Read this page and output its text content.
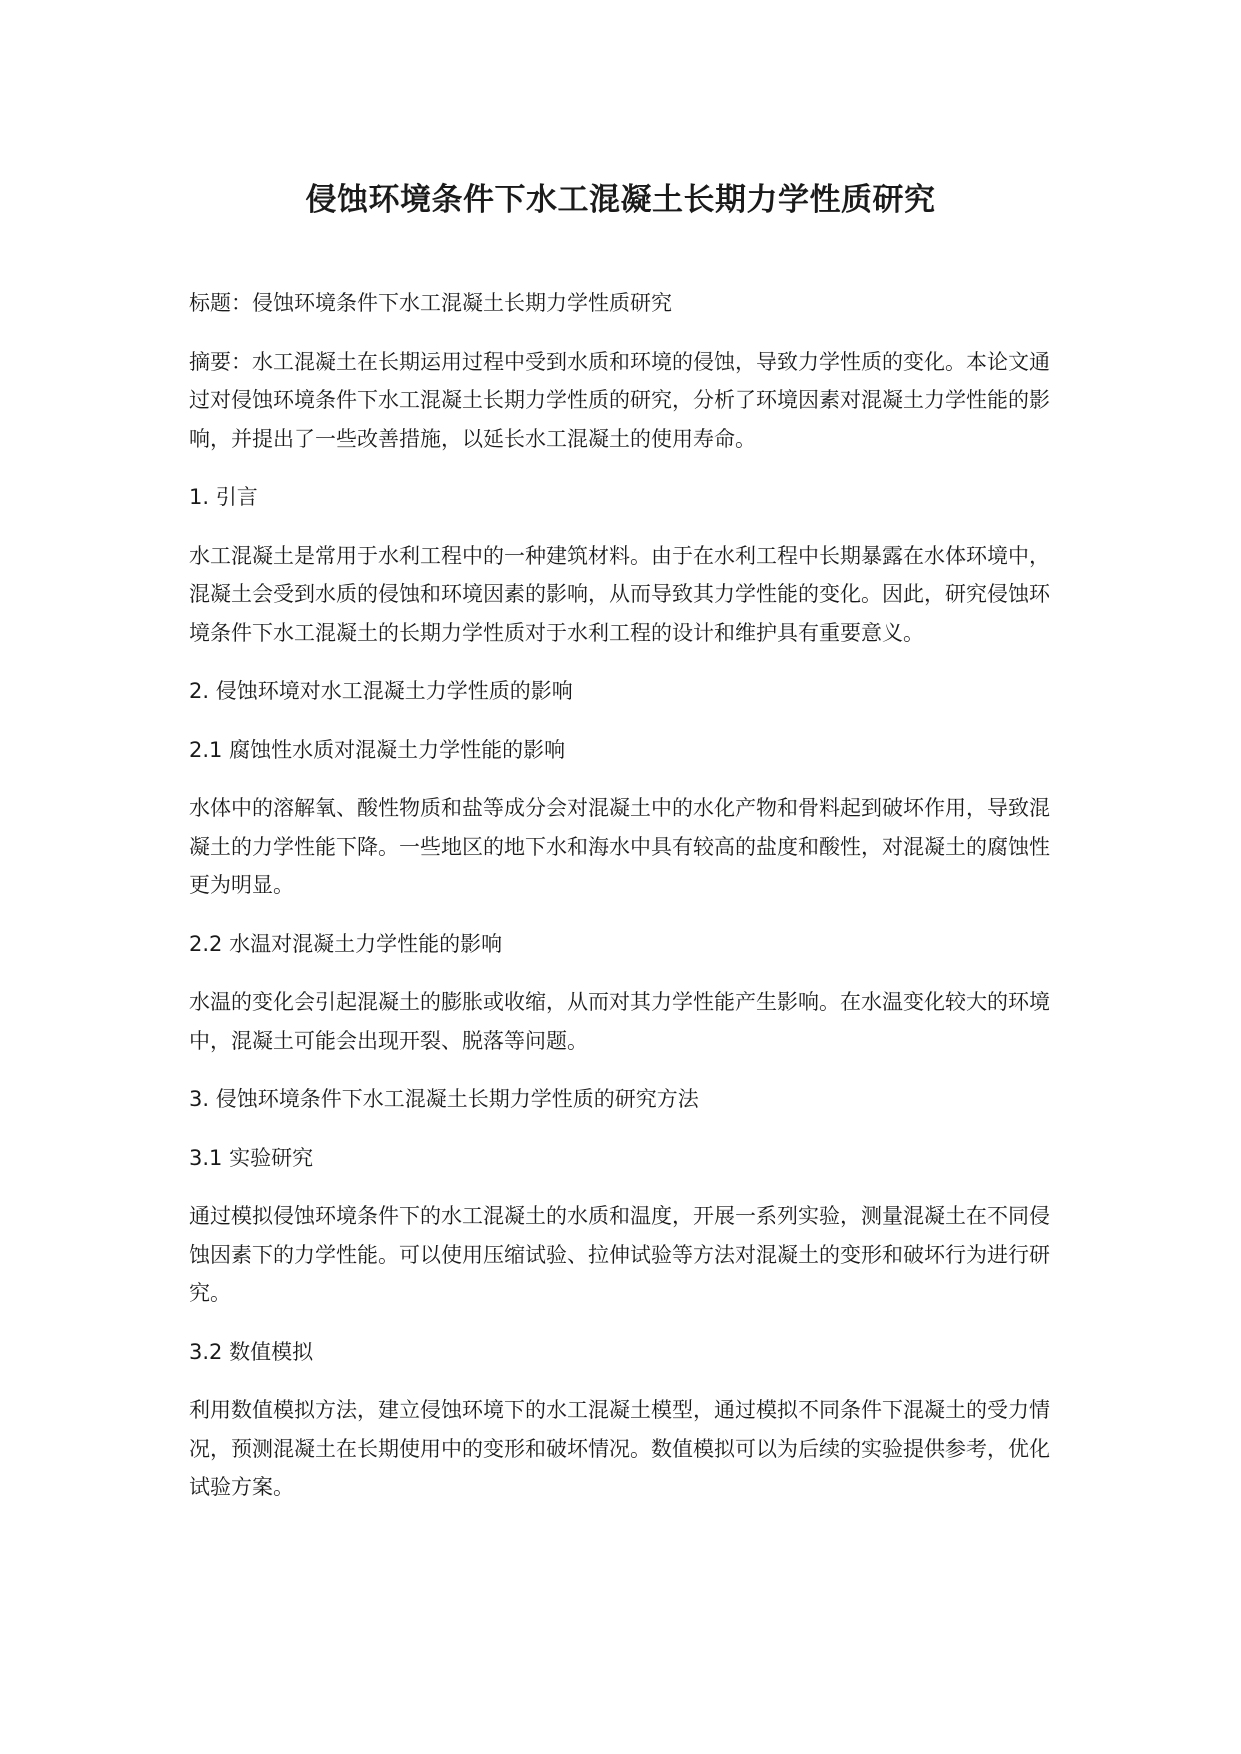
侵蚀环境条件下水工混凝土长期力学性质研究

标题：侵蚀环境条件下水工混凝土长期力学性质研究

摘要：水工混凝土在长期运用过程中受到水质和环境的侵蚀，导致力学性质的变化。本论文通过对侵蚀环境条件下水工混凝土长期力学性质的研究，分析了环境因素对混凝土力学性能的影响，并提出了一些改善措施，以延长水工混凝土的使用寿命。

1. 引言

水工混凝土是常用于水利工程中的一种建筑材料。由于在水利工程中长期暴露在水体环境中，混凝土会受到水质的侵蚀和环境因素的影响，从而导致其力学性能的变化。因此，研究侵蚀环境条件下水工混凝土的长期力学性质对于水利工程的设计和维护具有重要意义。

2. 侵蚀环境对水工混凝土力学性质的影响

2.1 腐蚀性水质对混凝土力学性能的影响

水体中的溶解氧、酸性物质和盐等成分会对混凝土中的水化产物和骨料起到破坏作用，导致混凝土的力学性能下降。一些地区的地下水和海水中具有较高的盐度和酸性，对混凝土的腐蚀性更为明显。

2.2 水温对混凝土力学性能的影响

水温的变化会引起混凝土的膨胀或收缩，从而对其力学性能产生影响。在水温变化较大的环境中，混凝土可能会出现开裂、脱落等问题。

3. 侵蚀环境条件下水工混凝土长期力学性质的研究方法

3.1 实验研究

通过模拟侵蚀环境条件下的水工混凝土的水质和温度，开展一系列实验，测量混凝土在不同侵蚀因素下的力学性能。可以使用压缩试验、拉伸试验等方法对混凝土的变形和破坏行为进行研究。

3.2 数值模拟

利用数值模拟方法，建立侵蚀环境下的水工混凝土模型，通过模拟不同条件下混凝土的受力情况，预测混凝土在长期使用中的变形和破坏情况。数值模拟可以为后续的实验提供参考，优化试验方案。
